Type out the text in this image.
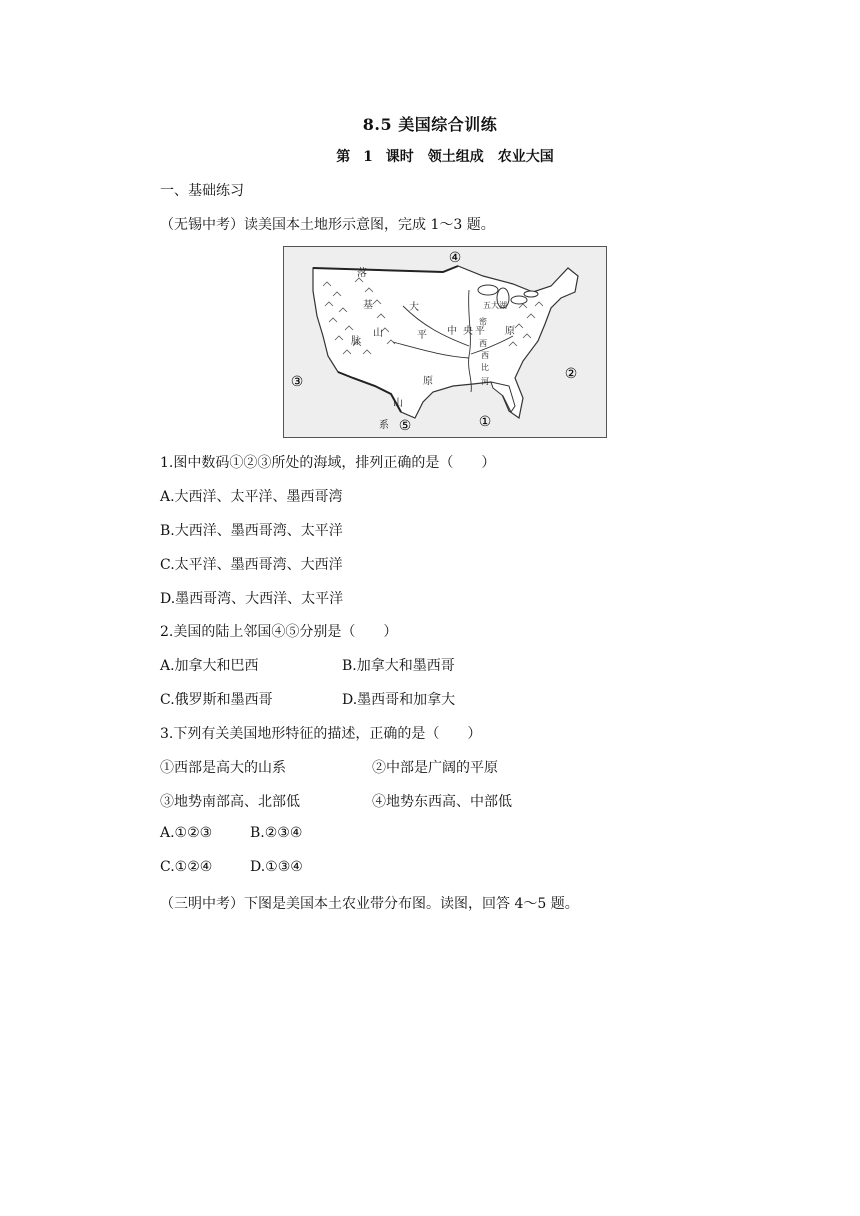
8.5 美国综合训练
第 1 课时　领土组成　农业大国
一、基础练习
（无锡中考）读美国本土地形示意图，完成 1～3 题。
④
②
③
⑤	①
落
基
山
脉
大
平
原
中 央 平 原
密
西
西
比
河
五大湖
山
系
1.图中数码①②③所处的海域，排列正确的是（　　）
A.大西洋、太平洋、墨西哥湾
B.大西洋、墨西哥湾、太平洋
C.太平洋、墨西哥湾、大西洋
D.墨西哥湾、大西洋、太平洋
2.美国的陆上邻国④⑤分别是（　　）
A.加拿大和巴西	B.加拿大和墨西哥
C.俄罗斯和墨西哥	D.墨西哥和加拿大
3.下列有关美国地形特征的描述，正确的是（　　）
①西部是高大的山系	②中部是广阔的平原
③地势南部高、北部低	④地势东西高、中部低
A.①②③	B.②③④
C.①②④	D.①③④
（三明中考）下图是美国本土农业带分布图。读图，回答 4～5 题。
